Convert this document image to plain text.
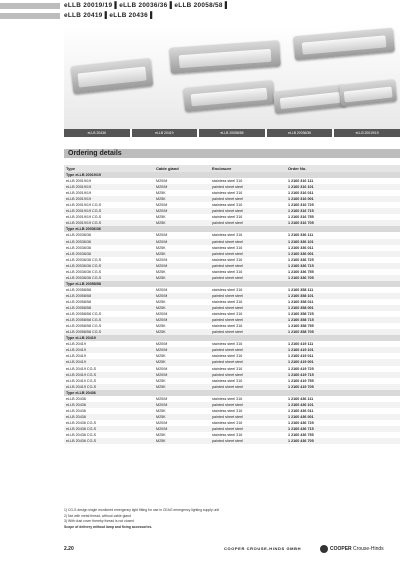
eLLB 20019/19 ▌eLLB 20036/36 ▌eLLB 20058/58 ▌
eLLB 20419 ▌eLLB 20436 ▌
eLLB 20436	eLLB 20419	eLLB 20058/58	eLLB 20036/36	eLLB 20019/19
Ordering details
Type	Cable gland	Enclosure	Order No.
Type eLLB 20019/19
eLLB 20019/19	M20/M	stainless steel 316	1 2160 316 111
eLLB 20019/19	M20/M	painted sheet steel	1 2160 316 101
eLLB 20019/19	M25K	stainless steel 316	1 2160 316 011
eLLB 20019/19	M25K	painted sheet steel	1 2160 316 001
eLLB 20019/19 CG-S	M20/M	stainless steel 316	1 2160 316 725
eLLB 20019/19 CG-S	M20/M	painted sheet steel	1 2160 316 715
eLLB 20019/19 CG-S	M25K	stainless steel 316	1 2160 316 755
eLLB 20019/19 CG-S	M25K	painted sheet steel	1 2160 316 705
Type eLLB 20036/36
eLLB 20036/36	M20/M	stainless steel 316	1 2160 336 111
eLLB 20036/36	M20/M	painted sheet steel	1 2160 336 101
eLLB 20036/36	M25K	stainless steel 316	1 2160 336 011
eLLB 20036/36	M25K	painted sheet steel	1 2160 336 001
eLLB 20036/36 CG-S	M20/M	stainless steel 316	1 2160 336 725
eLLB 20036/36 CG-S	M20/M	painted sheet steel	1 2160 336 715
eLLB 20036/36 CG-S	M25K	stainless steel 316	1 2160 336 755
eLLB 20036/36 CG-S	M25K	painted sheet steel	1 2160 336 705
Type eLLB 20058/58
eLLB 20058/58	M20/M	stainless steel 316	1 2160 358 111
eLLB 20058/58	M20/M	painted sheet steel	1 2160 358 101
eLLB 20058/58	M25K	stainless steel 316	1 2160 358 011
eLLB 20058/58	M25K	painted sheet steel	1 2160 358 001
eLLB 20058/58 CG-S	M20/M	stainless steel 316	1 2160 358 725
eLLB 20058/58 CG-S	M20/M	painted sheet steel	1 2160 358 715
eLLB 20058/58 CG-S	M25K	stainless steel 316	1 2160 358 755
eLLB 20058/58 CG-S	M25K	painted sheet steel	1 2160 358 705
Type eLLB 20419
eLLB 20419	M20/M	stainless steel 316	1 2160 419 111
eLLB 20419	M20/M	painted sheet steel	1 2160 419 101
eLLB 20419	M25K	stainless steel 316	1 2160 419 011
eLLB 20419	M25K	painted sheet steel	1 2160 419 001
eLLB 20419 CG-S	M20/M	stainless steel 316	1 2160 419 725
eLLB 20419 CG-S	M20/M	painted sheet steel	1 2160 419 715
eLLB 20419 CG-S	M25K	stainless steel 316	1 2160 419 755
eLLB 20419 CG-S	M25K	painted sheet steel	1 2160 419 705
Type eLLB 20436
eLLB 20436	M20/M	stainless steel 316	1 2160 436 111
eLLB 20436	M20/M	painted sheet steel	1 2160 436 101
eLLB 20436	M25K	stainless steel 316	1 2160 436 011
eLLB 20436	M25K	painted sheet steel	1 2160 436 001
eLLB 20436 CG-S	M20/M	stainless steel 316	1 2160 436 725
eLLB 20436 CG-S	M20/M	painted sheet steel	1 2160 436 715
eLLB 20436 CG-S	M25K	stainless steel 316	1 2160 436 755
eLLB 20436 CG-S	M25K	painted sheet steel	1 2160 436 705
1) CG-S design single monitored emergency light fitting for use in CEAG emergency lighting supply unit
2) Not with metal thread, without cable gland
3) With dust cover thereby thread is not closed
Scope of delivery without lamp and fixing accessories.
2.20	COOPER CROUSE-HINDS GMBH	COOPER Crouse-Hinds
